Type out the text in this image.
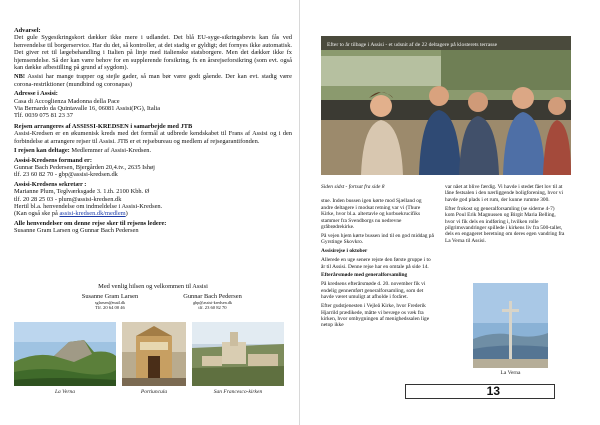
Advarsel:

Det gule Sygesikringskort dækker ikke mere i udlandet. Det blå EU-syge-sikringsbevis kan fås ved henvendelse til borgerservice. Har du det, så kontroller, at det stadig er gyldigt; det fornyes ikke automatisk. Det giver ret til lægebehandling i Italien på linje med italienske statsborgere. Men det dækker ikke fx hjemsendelse. Så der kan være behov for en supplerende forsikring, fx en årsrejseforsikring (som evt. også kan dække afbestilling på grund af sygdom).

NB! Assisi har mange trapper og stejle gader, så man bør være godt gående. Der kan evt. stadig være corona-restriktioner (mundbind og coronapas)

Adresse i Assisi:

Casa di Accoglienza Madonna della Pace

Via Bernardo da Quintavalle 16, 06081 Assisi(PG), Italia

Tlf. 0039 075 81 23 37

Rejsen arrangeres af ASSISSI-KREDSEN i samarbejde med JTB

Assisi-Kredsen er en økumenisk kreds med det formål at udbrede kendskabet til Frans af Assisi og i den forbindelse at arrangere rejser til Assisi. JTB er et rejsebureau og medlem af rejsegarantifonden.

I rejsen kan deltage: Medlemmer af Assisi-Kredsen.

Assisi-Kredsens formand er:

Gunnar Bach Pedersen, Bjergården 20,4.tv., 2635 Ishøj

tlf. 23 60 82 70 - gbp@assisi-kredsen.dk

Assisi-Kredsens sekretær :

Marianne Plum, Teglværksgade 3. 1.th. 2100 Kbh. Ø

tlf. 20 28 25 03 - plum@assisi-kredsen.dk

Hertil bl.a. henvendelse om indmeldelse i Assisi-Kredsen.

(Kan også ske på assisi-kredsen.dk/medlem)

Alle henvendelser om denne rejse sker til rejsens ledere:

Susanne Gram Larsen og Gunnar Bach Pedersen

Med venlig hilsen og velkommen til Assisi

Susanne Gram Larsen

sglarsen@mail.dk

Tlf. 20 64 00 46

Gunnar Bach Pedersen

gbp@assisi-kredsen.dk

tlf. 23 60 82 70

La Verna	Portiuncula	San Francesco-kirken
Efter to år tilbage i Assisi - et udsnit af de 22 deltagere på klosterets terrasse

Siden sidst - fortsat fra side 8

stue. Inden bussen igen kørte mod Sjælland og andre deltagere i modsat retning var vi (Thure Kirke, hvor bl.a. altertavle og korbuekrucifiks stammer fra Svendborgs nu nedrevne gråbrødrekirke.

På vejen hjem kørte bussen ind til en god middag på Gyrstinge Skovkro.

Assisirejse i oktober

Allerede en uge senere rejste den første gruppe i to år til Assisi. Denne rejse har en omtale på side 14.

Efterårsmøde med generalforsamling

På kredsens efterårsmøde d. 20. november fik vi endelig gennemført generalforsamling, som det havde været umuligt at afholde i foråret.

Efter gudstjenesten i Vejlеå Kirke, hvor Frederik Hjarrild prædikede, måtte vi bevæge os væk fra kirken, hvor ombygningen af menighedssalen lige netop ikke

var nået at blive færdig. Vi havde i stedet fået lov til at låne festsalen i den nærliggende boligforening, hvor vi havde god plads i et rum, der kunne rumme 300.

Efter frokost og generalforsamling (se siderne 4-7) kom Poul Erik Magnussen og Birgit Maria Belling, hvor vi fik dels en indføring i, hvilken rolle pilgrimsvandringer spillede i kirkens liv fra 500-tallet, dels en engageret beretning om deres egen vandring fra La Verna til Assisi.

La Verna
13
